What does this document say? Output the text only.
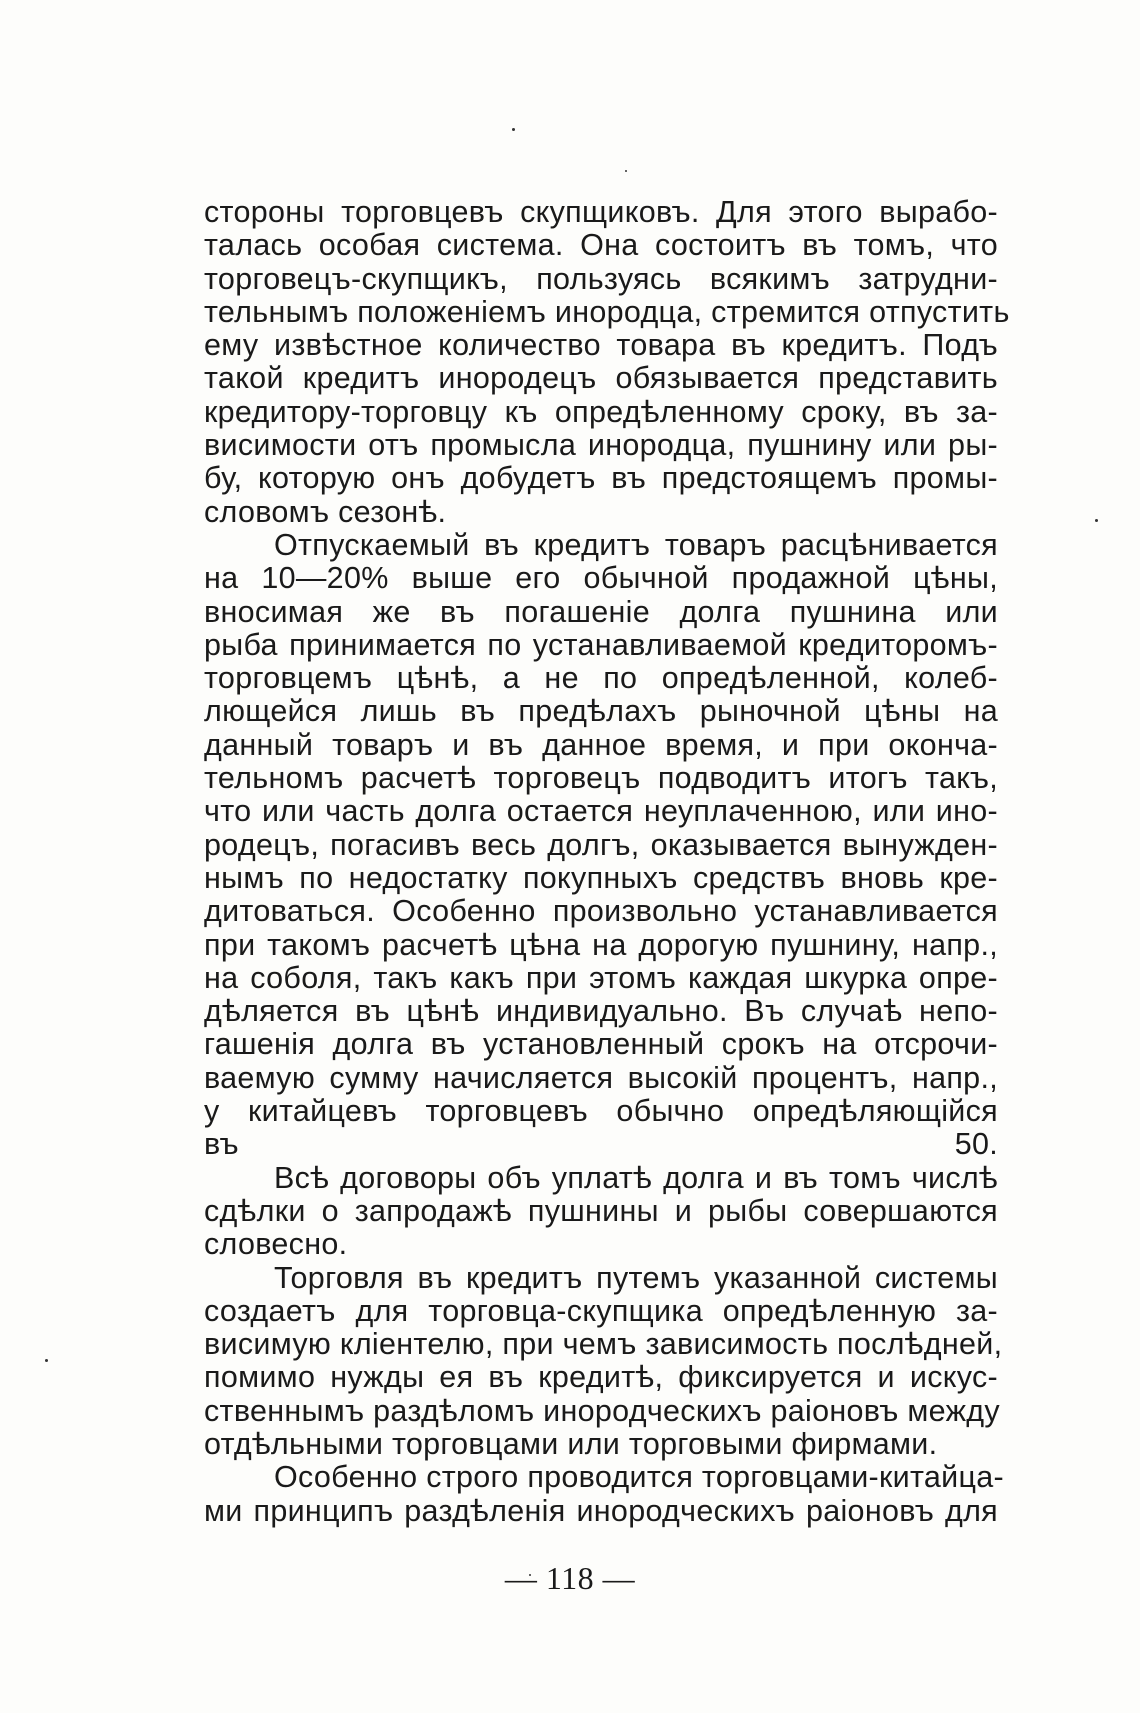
стороны торговцевъ скупщиковъ. Для этого вырабо-
талась особая система. Она состоитъ въ томъ, что
торговецъ-скупщикъ, пользуясь всякимъ затрудни-
тельнымъ положенiемъ инородца, стремится отпустить
ему извѣстное количество товара въ кредитъ. Подъ
такой кредитъ инородецъ обязывается представить
кредитору-торговцу къ опредѣленному сроку, въ за-
висимости отъ промысла инородца, пушнину или ры-
бу, которую онъ добудетъ въ предстоящемъ промы-
словомъ сезонѣ.
Отпускаемый въ кредитъ товаръ расцѣнивается
на 10—20% выше его обычной продажной цѣны,
вносимая же въ погашенiе долга пушнина или
рыба принимается по устанавливаемой кредиторомъ-
торговцемъ цѣнѣ, а не по опредѣленной, колеб-
лющейся лишь въ предѣлахъ рыночной цѣны на
данный товаръ и въ данное время, и при оконча-
тельномъ расчетѣ торговецъ подводитъ итогъ такъ,
что или часть долга остается неуплаченною, или ино-
родецъ, погасивъ весь долгъ, оказывается вынужден-
нымъ по недостатку покупныхъ средствъ вновь кре-
дитоваться. Особенно произвольно устанавливается
при такомъ расчетѣ цѣна на дорогую пушнину, напр.,
на соболя, такъ какъ при этомъ каждая шкурка опре-
дѣляется въ цѣнѣ индивидуально. Въ случаѣ непо-
гашенiя долга въ установленный срокъ на отсрочи-
ваемую сумму начисляется высокiй процентъ, напр.,
у китайцевъ торговцевъ обычно опредѣляющiйся
въ 50.
Всѣ договоры объ уплатѣ долга и въ томъ числѣ
сдѣлки о запродажѣ пушнины и рыбы совершаются
словесно.
Торговля въ кредитъ путемъ указанной системы
создаетъ для торговца-скупщика опредѣленную за-
висимую клiентелю, при чемъ зависимость послѣдней,
помимо нужды ея въ кредитѣ, фиксируется и искус-
ственнымъ раздѣломъ инородческихъ раiоновъ между
отдѣльными торговцами или торговыми фирмами.
Особенно строго проводится торговцами-китайца-
ми принципъ раздѣленiя инородческихъ раiоновъ для
— 118 —
